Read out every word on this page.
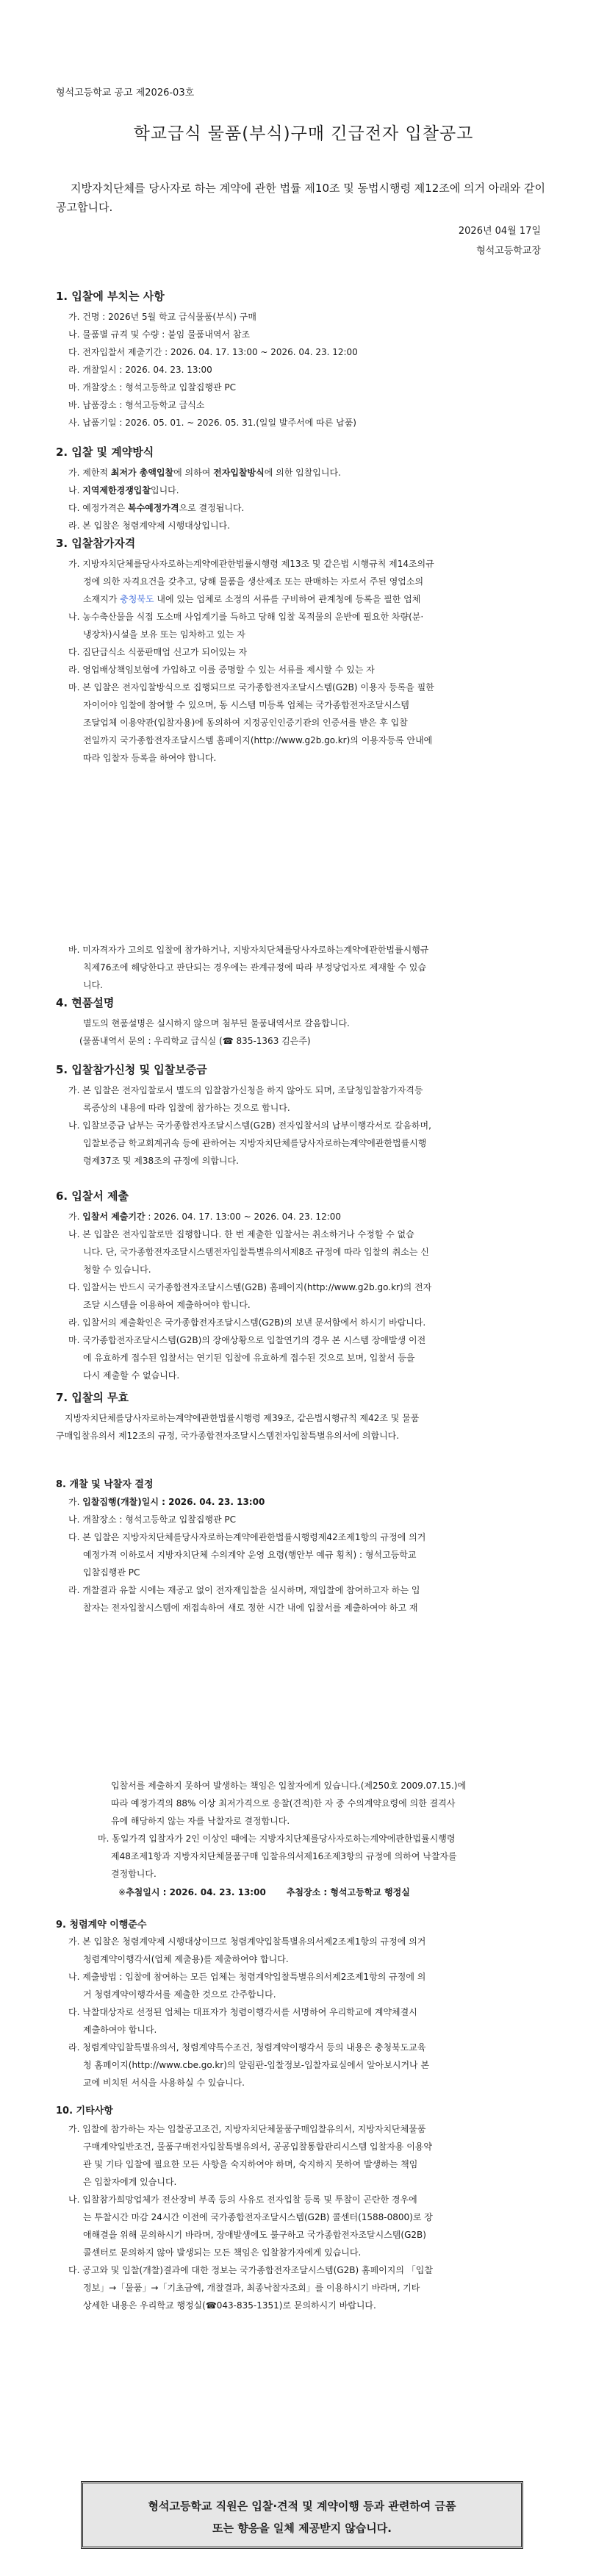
형석고등학교 공고 제2026-03호
학교급식 물품(부식)구매 긴급전자 입찰공고
지방자치단체를 당사자로 하는 계약에 관한 법률 제10조 및 동법시행령 제12조에 의거 아래와 같이 공고합니다.
2026년 04월 17일
형석고등학교장
1. 입찰에 부치는 사항
가. 건명 : 2026년 5월 학교 급식물품(부식) 구매
나. 물품별 규격 및 수량 : 붙임 물품내역서 참조
다. 전자입찰서 제출기간 : 2026. 04. 17. 13:00 ~ 2026. 04. 23. 12:00
라. 개찰일시 : 2026. 04. 23. 13:00
마. 개찰장소 : 형석고등학교 입찰집행관 PC
바. 납품장소 : 형석고등학교 급식소
사. 납품기일 : 2026. 05. 01. ~ 2026. 05. 31.(일일 발주서에 따른 납품)
2. 입찰 및 계약방식
가. 제한적 최저가 총액입찰에 의하여 전자입찰방식에 의한 입찰입니다.
나. 지역제한경쟁입찰입니다.
다. 예정가격은 복수예정가격으로 결정됩니다.
라. 본 입찰은 청렴계약제 시행대상입니다.
3. 입찰참가자격
가. 지방자치단체를당사자로하는계약에관한법률시행령 제13조 및 같은법 시행규칙 제14조의규
정에 의한 자격요건을 갖추고, 당해 물품을 생산제조 또는 판매하는 자로서 주된 영업소의
소재지가 충청북도 내에 있는 업체로 소정의 서류를 구비하여 관계청에 등록을 필한 업체
나. 농수축산물을 식접 도소매 사업계기를 득하고 당해 입찰 목적물의 운반에 필요한 차량(분·
냉장차)시설을 보유 또는 임차하고 있는 자
다. 집단급식소 식품판매업 신고가 되어있는 자
라. 영업배상책임보험에 가입하고 이를 증명할 수 있는 서류를 제시할 수 있는 자
마. 본 입찰은 전자입찰방식으로 집행되므로 국가종합전자조달시스템(G2B) 이용자 등록을 필한
자이어야 입찰에 참여할 수 있으며, 동 시스템 미등록 업체는 국가종합전자조달시스템
조달업체 이용약관(입찰자용)에 동의하여 지정공인인증기관의 인증서를 받은 후 입찰
전일까지 국가종합전자조달시스템 홈페이지(http://www.g2b.go.kr)의 이용자등록 안내에
따라 입찰자 등록을 하여야 합니다.
바. 미자격자가 고의로 입찰에 참가하거나, 지방자치단체를당사자로하는계약에관한법률시행규
칙제76조에 해당한다고 판단되는 경우에는 관계규정에 따라 부정당업자로 제재할 수 있습
니다.
4. 현품설명
별도의 현품설명은 실시하지 않으며 첨부된 물품내역서로 갈음합니다.
(물품내역서 문의 : 우리학교 급식실 (☎ 835-1363 김은주)
5. 입찰참가신청 및 입찰보증금
가. 본 입찰은 전자입찰로서 별도의 입찰참가신청을 하지 않아도 되며, 조달청입찰참가자격등
록증상의 내용에 따라 입찰에 참가하는 것으로 합니다.
나. 입찰보증금 납부는 국가종합전자조달시스템(G2B) 전자입찰서의 납부이행각서로 갈음하며,
입찰보증금 학교회계귀속 등에 관하여는 지방자치단체를당사자로하는계약에관한법률시행
령제37조 및 제38조의 규정에 의합니다.
6. 입찰서 제출
가. 입찰서 제출기간 : 2026. 04. 17. 13:00 ~ 2026. 04. 23. 12:00
나. 본 입찰은 전자입찰로만 집행합니다. 한 번 제출한 입찰서는 취소하거나 수정할 수 없습
니다. 단, 국가종합전자조달시스템전자입찰특별유의서제8조 규정에 따라 입찰의 취소는 신
청할 수 있습니다.
다. 입찰서는 반드시 국가종합전자조달시스템(G2B) 홈페이지(http://www.g2b.go.kr)의 전자
조달 시스템을 이용하여 제출하여야 합니다.
라. 입찰서의 제출확인은 국가종합전자조달시스템(G2B)의 보낸 문서함에서 하시기 바랍니다.
마. 국가종합전자조달시스템(G2B)의 장애상황으로 입찰연기의 경우 본 시스템 장애발생 이전
에 유효하게 접수된 입찰서는 연기된 입찰에 유효하게 접수된 것으로 보며, 입찰서 등을
다시 제출할 수 없습니다.
7. 입찰의 무효
지방자치단체를당사자로하는계약에관한법률시행령 제39조, 같은법시행규칙 제42조 및 물품
구매입찰유의서 제12조의 규정, 국가종합전자조달시스템전자입찰특별유의서에 의합니다.
8. 개찰 및 낙찰자 결정
가. 입찰집행(개찰)일시 : 2026. 04. 23. 13:00
나. 개찰장소 : 형석고등학교 입찰집행관 PC
다. 본 입찰은 지방자치단체를당사자로하는계약에관한법률시행령제42조제1항의 규정에 의거
예정가격 이하로서 지방자치단체 수의계약 운영 요령(행안부 예규 횡칙) : 형석고등학교
입찰집행관 PC
라. 개찰결과 유찰 시에는 재공고 없이 전자재입찰을 실시하며, 재입찰에 참여하고자 하는 입
찰자는 전자입찰시스템에 재접속하여 새로 정한 시간 내에 입찰서를 제출하여야 하고 재
입찰서를 제출하지 못하여 발생하는 책임은 입찰자에게 있습니다.(제250호 2009.07.15.)에
따라 예정가격의 88% 이상 최저가격으로 응찰(견적)한 자 중 수의계약요령에 의한 결격사
유에 해당하지 않는 자를 낙찰자로 결정합니다.
마. 동일가격 입찰자가 2인 이상인 때에는 지방자치단체를당사자로하는계약에관한법률시행령
제48조제1항과 지방자치단체물품구매 입찰유의서제16조제3항의 규정에 의하여 낙찰자를
결정합니다.
※추첨일시 : 2026. 04. 23. 13:00 추첨장소 : 형석고등학교 행정실
9. 청렴계약 이행준수
가. 본 입찰은 청렴계약제 시행대상이므로 청렴계약입찰특별유의서제2조제1항의 규정에 의거
청렴계약이행각서(업체 제출용)를 제출하여야 합니다.
나. 제출방법 : 입찰에 참여하는 모든 업체는 청렴계약입찰특별유의서제2조제1항의 규정에 의
거 청렴계약이행각서를 제출한 것으로 간주합니다.
다. 낙찰대상자로 선정된 업체는 대표자가 청렴이행각서를 서명하여 우리학교에 계약체결시
제출하여야 합니다.
라. 청렴계약입찰특별유의서, 청렴계약특수조건, 청렴계약이행각서 등의 내용은 충청북도교육
청 홈페이지(http://www.cbe.go.kr)의 알림판-입찰정보-입찰자료실에서 알아보시거나 본
교에 비치된 서식을 사용하실 수 있습니다.
10. 기타사항
가. 입찰에 참가하는 자는 입찰공고조건, 지방자치단체물품구매입찰유의서, 지방자치단체물품
구매계약일반조건, 물품구매전자입찰특별유의서, 공공입찰통합관리시스템 입찰자용 이용약
관 및 기타 입찰에 필요한 모든 사항을 숙지하여야 하며, 숙지하지 못하여 발생하는 책임
은 입찰자에게 있습니다.
나. 입찰참가희망업체가 전산장비 부족 등의 사유로 전자입찰 등록 및 투찰이 곤란한 경우에
는 투찰시간 마감 24시간 이전에 국가종합전자조달시스템(G2B) 콜센터(1588-0800)로 장
애해결을 위해 문의하시기 바라며, 장애발생에도 불구하고 국가종합전자조달시스템(G2B)
콜센터로 문의하지 않아 발생되는 모든 책임은 입찰참가자에게 있습니다.
다. 공고와 및 입찰(개찰)결과에 대한 정보는 국가종합전자조달시스템(G2B) 홈페이지의 「입찰
정보」→「물품」→「기초금액, 개찰결과, 최종낙찰자조회」를 이용하시기 바라며, 기타
상세한 내용은 우리학교 행정실(☎043-835-1351)로 문의하시기 바랍니다.
형석고등학교 직원은 입찰·견적 및 계약이행 등과 관련하여 금품
또는 향응을 일체 제공받지 않습니다.
